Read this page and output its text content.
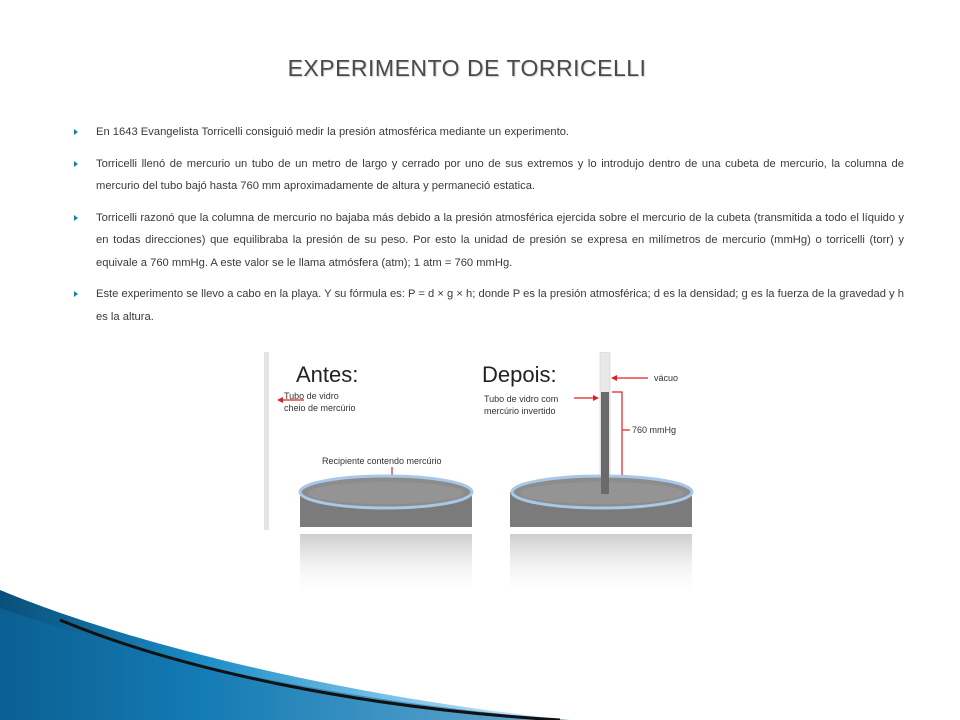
EXPERIMENTO DE TORRICELLI
En 1643 Evangelista Torricelli consiguió medir la presión atmosférica mediante un experimento.
Torricelli llenó de mercurio un tubo de un metro de largo y cerrado por uno de sus extremos y lo introdujo dentro de una cubeta de mercurio, la columna de mercurio del tubo bajó hasta 760 mm aproximadamente de altura y permaneció estatica.
Torricelli razonó que la columna de mercurio no bajaba más debido a la presión atmosférica ejercida sobre el mercurio de la cubeta (transmitida a todo el líquido y en todas direcciones) que equilibraba la presión de su peso. Por esto la unidad de presión se expresa en milímetros de mercurio (mmHg) o torricelli (torr) y equivale a 760 mmHg. A este valor se le llama atmósfera (atm); 1 atm = 760 mmHg.
Este experimento se llevo a cabo en la playa. Y su fórmula es: P = d × g × h; donde P es la presión atmosférica; d es la densidad; g es la fuerza de la gravedad y h es la altura.
Antes:
Tubo de vidro
cheio de mercúrio
Recipiente contendo mercúrio
Depois:	vácuo
Tubo de vidro com
mercúrio invertido
760 mmHg
